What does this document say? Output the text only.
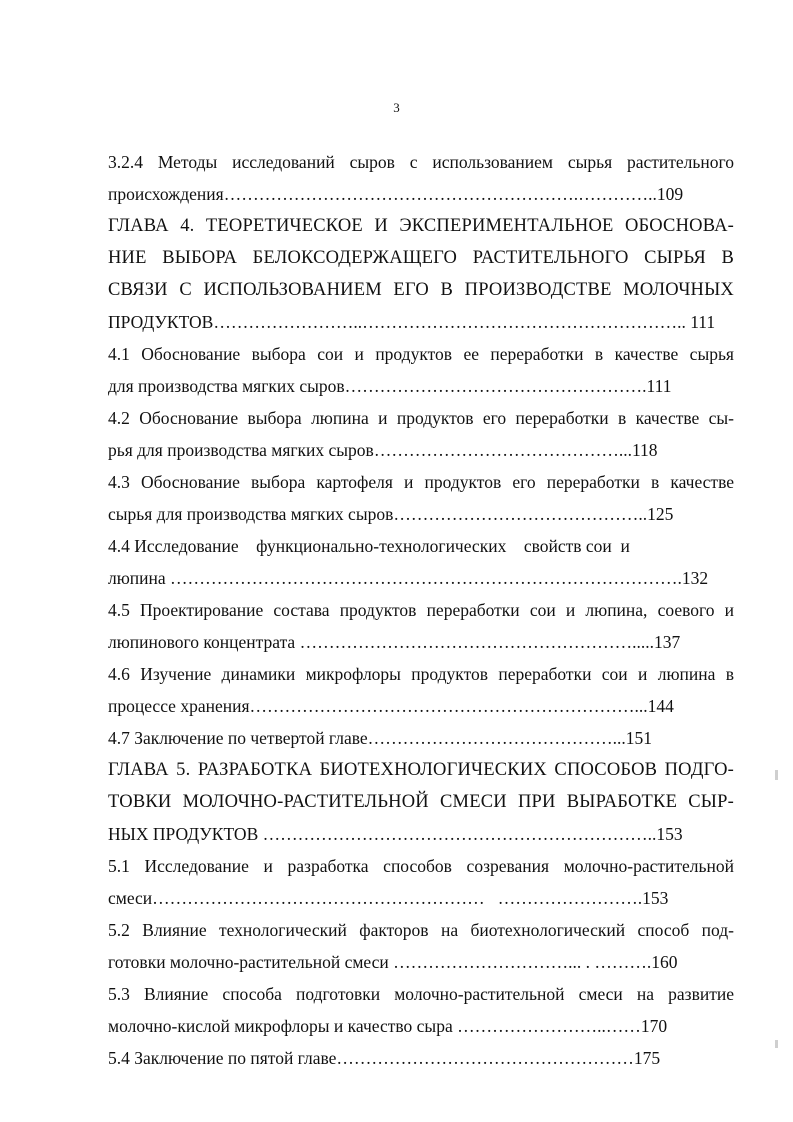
3
3.2.4 Методы исследований сыров с использованием сырья растительного
происхождения…………………………………………………….…………..109
ГЛАВА 4. ТЕОРЕТИЧЕСКОЕ И ЭКСПЕРИМЕНТАЛЬНОЕ ОБОСНОВА-
НИЕ ВЫБОРА БЕЛОКСОДЕРЖАЩЕГО РАСТИТЕЛЬНОГО СЫРЬЯ В
СВЯЗИ С ИСПОЛЬЗОВАНИЕМ ЕГО В ПРОИЗВОДСТВЕ МОЛОЧНЫХ
ПРОДУКТОВ……………………..……………………………………………….. 111
4.1 Обоснование выбора сои и продуктов ее переработки в качестве сырья
для производства мягких сыров…………………………………………….111
4.2 Обоснование выбора люпина и продуктов его переработки в качестве сы-
рья для производства мягких сыров……………………………………...118
4.3 Обоснование выбора картофеля и продуктов его переработки в качестве
сырья для производства мягких сыров……………………………………..125
4.4 Исследование    функционально-технологических    свойств сои  и
люпина …………………………………………………………………………….132
4.5 Проектирование состава продуктов переработки сои и люпина, соевого и
люпинового концентрата ………………………………………………….....137
4.6 Изучение динамики микрофлоры продуктов переработки сои и люпина в
процессе хранения…………………………………………………………...144
4.7 Заключение по четвертой главе……………………………………...151
ГЛАВА 5. РАЗРАБОТКА БИОТЕХНОЛОГИЧЕСКИХ СПОСОБОВ ПОДГО-
ТОВКИ МОЛОЧНО-РАСТИТЕЛЬНОЙ СМЕСИ ПРИ ВЫРАБОТКЕ СЫР-
НЫХ ПРОДУКТОВ …………………………………………………………..153
5.1 Исследование и разработка способов созревания молочно-растительной
смеси…………………………………………………   …………………….153
5.2 Влияние технологический факторов на биотехнологический способ под-
готовки молочно-растительной смеси …………………………... . ……….160
5.3 Влияние способа подготовки молочно-растительной смеси на развитие
молочно-кислой микрофлоры и качество сыра ……………………..……170
5.4 Заключение по пятой главе……………………………………………175
